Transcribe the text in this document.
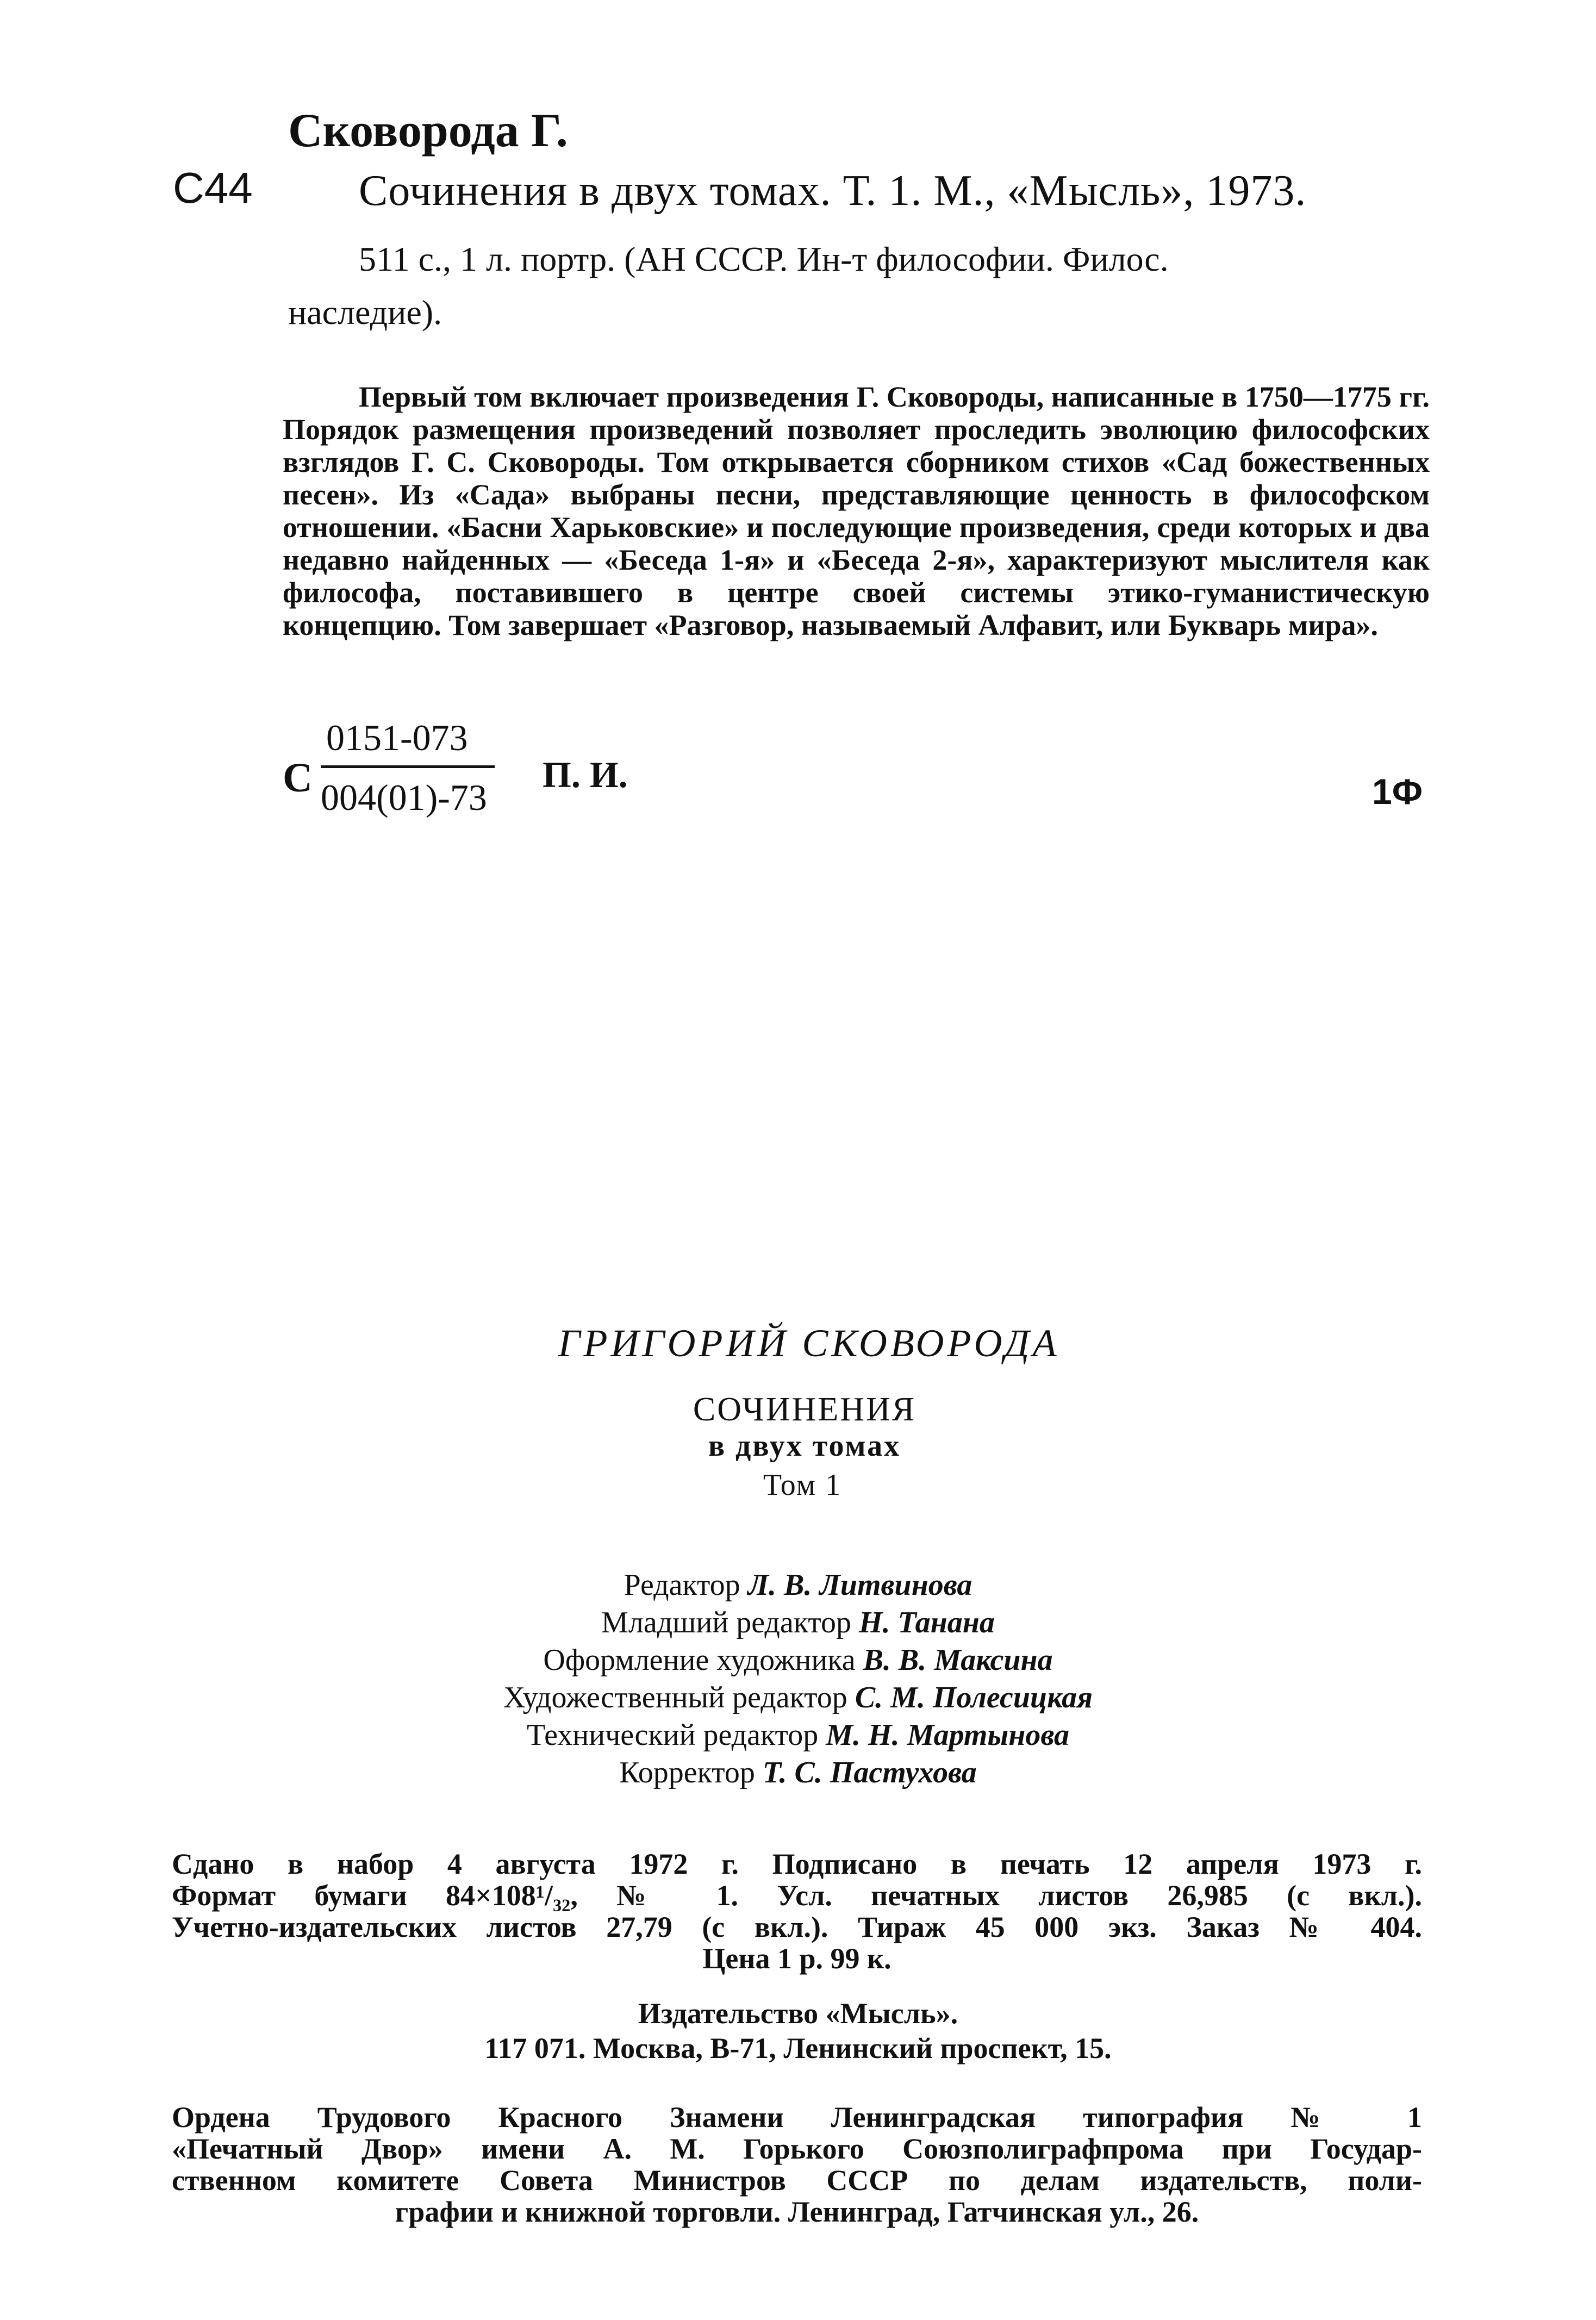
Сковорода Г.
С44 Сочинения в двух томах. Т. 1. М., «Мысль», 1973.
511 с., 1 л. портр. (АН СССР. Ин-т философии. Филос.
наследие).
Первый том включает произведения Г. Сковороды, написанные в 1750—1775 гг. Порядок размещения произведений позволяет проследить эволюцию философских взглядов Г. С. Сковороды. Том открывается сборником стихов «Сад божественных песен». Из «Сада» выбраны песни, представляющие ценность в философском отношении. «Басни Харьковские» и последующие произведения, среди которых и два недавно найденных — «Беседа 1-я» и «Беседа 2-я», характеризуют мыслителя как философа, поставившего в центре своей системы этико-гуманистическую концепцию. Том завершает «Разговор, называемый Алфавит, или Букварь мира».
С
0151-073
004(01)-73
П. И.	1Ф
ГРИГОРИЙ СКОВОРОДА
СОЧИНЕНИЯ
в двух томах
Том 1
Редактор Л. В. Литвинова
Младший редактор Н. Танана
Оформление художника В. В. Максина
Художественный редактор С. М. Полесицкая
Технический редактор М. Н. Мартынова
Корректор Т. С. Пастухова
Сдано в набор 4 августа 1972 г. Подписано в печать 12 апреля 1973 г.
Формат бумаги 84×108¹/₃₂, № 1. Усл. печатных листов 26,985 (с вкл.).
Учетно-издательских листов 27,79 (с вкл.). Тираж 45 000 экз. Заказ № 404.
Цена 1 р. 99 к.
Издательство «Мысль».
117 071. Москва, В-71, Ленинский проспект, 15.
Ордена Трудового Красного Знамени Ленинградская типография № 1
«Печатный Двор» имени А. М. Горького Союзполиграфпрома при Государ-
ственном комитете Совета Министров СССР по делам издательств, поли-
графии и книжной торговли. Ленинград, Гатчинская ул., 26.
